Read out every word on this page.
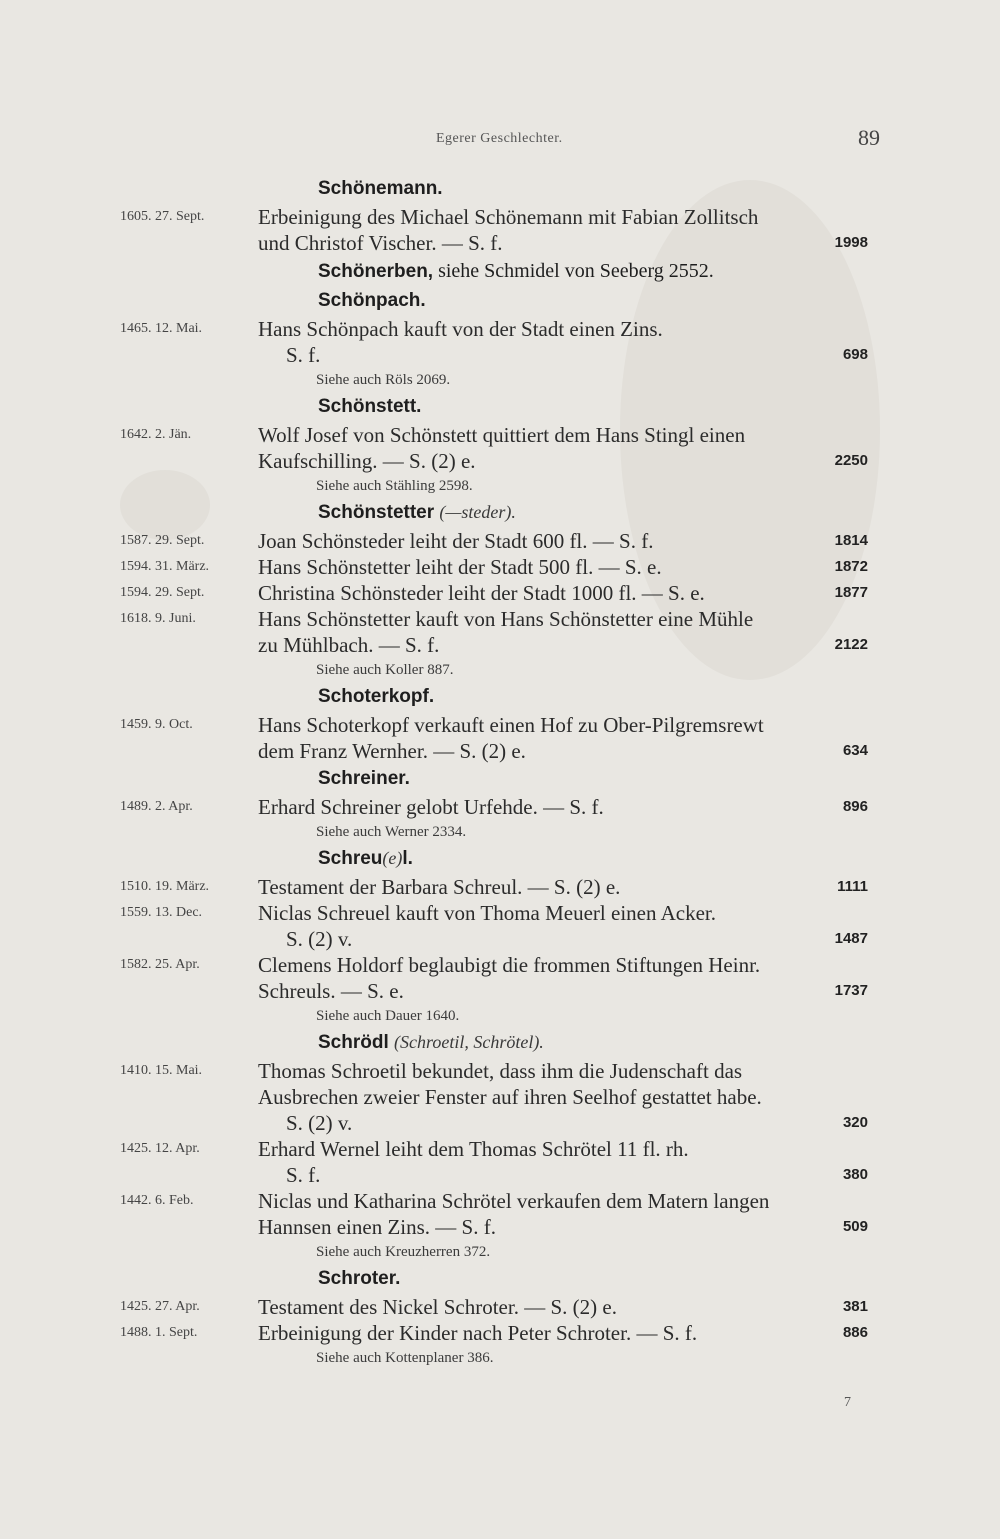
Egerer Geschlechter.	89
Schönemann.
1605. 27. Sept.	Erbeinigung des Michael Schönemann mit Fabian Zollitsch
und Christof Vischer. — S. f.	1998
Schönerben, siehe Schmidel von Seeberg 2552.
Schönpach.
1465. 12. Mai.	Hans Schönpach kauft von der Stadt einen Zins.
S. f.	698
Siehe auch Röls 2069.
Schönstett.
1642. 2. Jän.	Wolf Josef von Schönstett quittiert dem Hans Stingl einen
Kaufschilling. — S. (2) e.	2250
Siehe auch Stähling 2598.
Schönstetter (—steder).
1587. 29. Sept.	Joan Schönsteder leiht der Stadt 600 fl. — S. f.	1814
1594. 31. März.	Hans Schönstetter leiht der Stadt 500 fl. — S. e.	1872
1594. 29. Sept.	Christina Schönsteder leiht der Stadt 1000 fl. — S. e.	1877
1618. 9. Juni.	Hans Schönstetter kauft von Hans Schönstetter eine Mühle
zu Mühlbach. — S. f.	2122
Siehe auch Koller 887.
Schoterkopf.
1459. 9. Oct.	Hans Schoterkopf verkauft einen Hof zu Ober-Pilgremsrewt
dem Franz Wernher. — S. (2) e.	634
Schreiner.
1489. 2. Apr.	Erhard Schreiner gelobt Urfehde. — S. f.	896
Siehe auch Werner 2334.
Schreu(e)l.
1510. 19. März.	Testament der Barbara Schreul. — S. (2) e.	1111
1559. 13. Dec.	Niclas Schreuel kauft von Thoma Meuerl einen Acker.
S. (2) v.	1487
1582. 25. Apr.	Clemens Holdorf beglaubigt die frommen Stiftungen Heinr.
Schreuls. — S. e.	1737
Siehe auch Dauer 1640.
Schrödl (Schroetil, Schrötel).
1410. 15. Mai.	Thomas Schroetil bekundet, dass ihm die Judenschaft das
Ausbrechen zweier Fenster auf ihren Seelhof gestattet habe.
S. (2) v.	320
1425. 12. Apr.	Erhard Wernel leiht dem Thomas Schrötel 11 fl. rh.
S. f.	380
1442. 6. Feb.	Niclas und Katharina Schrötel verkaufen dem Matern langen
Hannsen einen Zins. — S. f.	509
Siehe auch Kreuzherren 372.
Schroter.
1425. 27. Apr.	Testament des Nickel Schroter. — S. (2) e.	381
1488. 1. Sept.	Erbeinigung der Kinder nach Peter Schroter. — S. f.	886
Siehe auch Kottenplaner 386.
7
